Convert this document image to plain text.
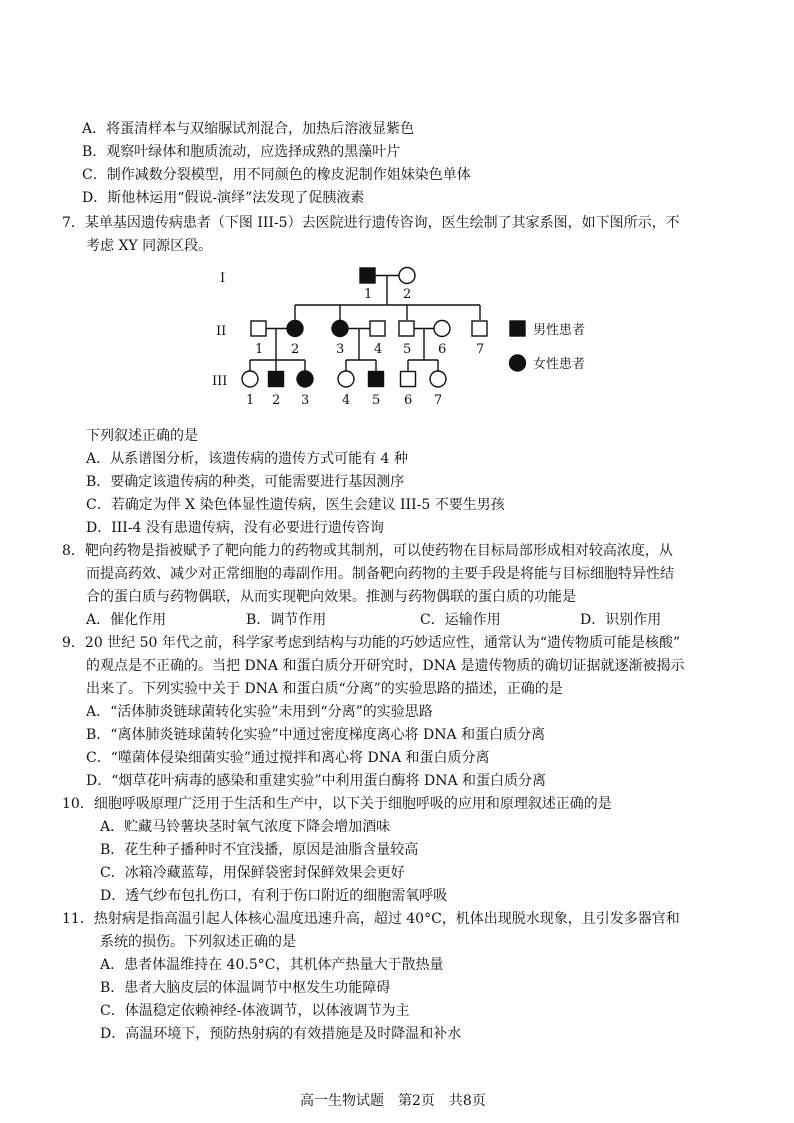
A．将蛋清样本与双缩脲试剂混合，加热后溶液显紫色
B．观察叶绿体和胞质流动，应选择成熟的黑藻叶片
C．制作减数分裂模型，用不同颜色的橡皮泥制作姐妹染色单体
D．斯他林运用“假说-演绎”法发现了促胰液素
7．某单基因遗传病患者（下图 III-5）去医院进行遗传咨询，医生绘制了其家系图，如下图所示，不
考虑 XY 同源区段。
I
II
III
1 2
1 2	3 4 5 6 7
1 2 3	4 5 6 7
男性患者
女性患者
下列叙述正确的是
A．从系谱图分析，该遗传病的遗传方式可能有 4 种
B．要确定该遗传病的种类，可能需要进行基因测序
C．若确定为伴 X 染色体显性遗传病，医生会建议 III-5 不要生男孩
D．III-4 没有患遗传病，没有必要进行遗传咨询
8．靶向药物是指被赋予了靶向能力的药物或其制剂，可以使药物在目标局部形成相对较高浓度，从
而提高药效、减少对正常细胞的毒副作用。制备靶向药物的主要手段是将能与目标细胞特异性结
合的蛋白质与药物偶联，从而实现靶向效果。推测与药物偶联的蛋白质的功能是
A．催化作用	B．调节作用	C．运输作用	D．识别作用
9．20 世纪 50 年代之前，科学家考虑到结构与功能的巧妙适应性，通常认为“遗传物质可能是核酸”
的观点是不正确的。当把 DNA 和蛋白质分开研究时，DNA 是遗传物质的确切证据就逐渐被揭示
出来了。下列实验中关于 DNA 和蛋白质“分离”的实验思路的描述，正确的是
A．“活体肺炎链球菌转化实验”未用到“分离”的实验思路
B．“离体肺炎链球菌转化实验”中通过密度梯度离心将 DNA 和蛋白质分离
C．“噬菌体侵染细菌实验”通过搅拌和离心将 DNA 和蛋白质分离
D．“烟草花叶病毒的感染和重建实验”中利用蛋白酶将 DNA 和蛋白质分离
10．细胞呼吸原理广泛用于生活和生产中，以下关于细胞呼吸的应用和原理叙述正确的是
A．贮藏马铃薯块茎时氧气浓度下降会增加酒味
B．花生种子播种时不宜浅播，原因是油脂含量较高
C．冰箱冷藏蓝莓，用保鲜袋密封保鲜效果会更好
D．透气纱布包扎伤口，有利于伤口附近的细胞需氧呼吸
11．热射病是指高温引起人体核心温度迅速升高，超过 40°C，机体出现脱水现象，且引发多器官和
系统的损伤。下列叙述正确的是
A．患者体温维持在 40.5°C，其机体产热量大于散热量
B．患者大脑皮层的体温调节中枢发生功能障碍
C．体温稳定依赖神经-体液调节，以体液调节为主
D．高温环境下，预防热射病的有效措施是及时降温和补水
高一生物试题　第2页　共8页
